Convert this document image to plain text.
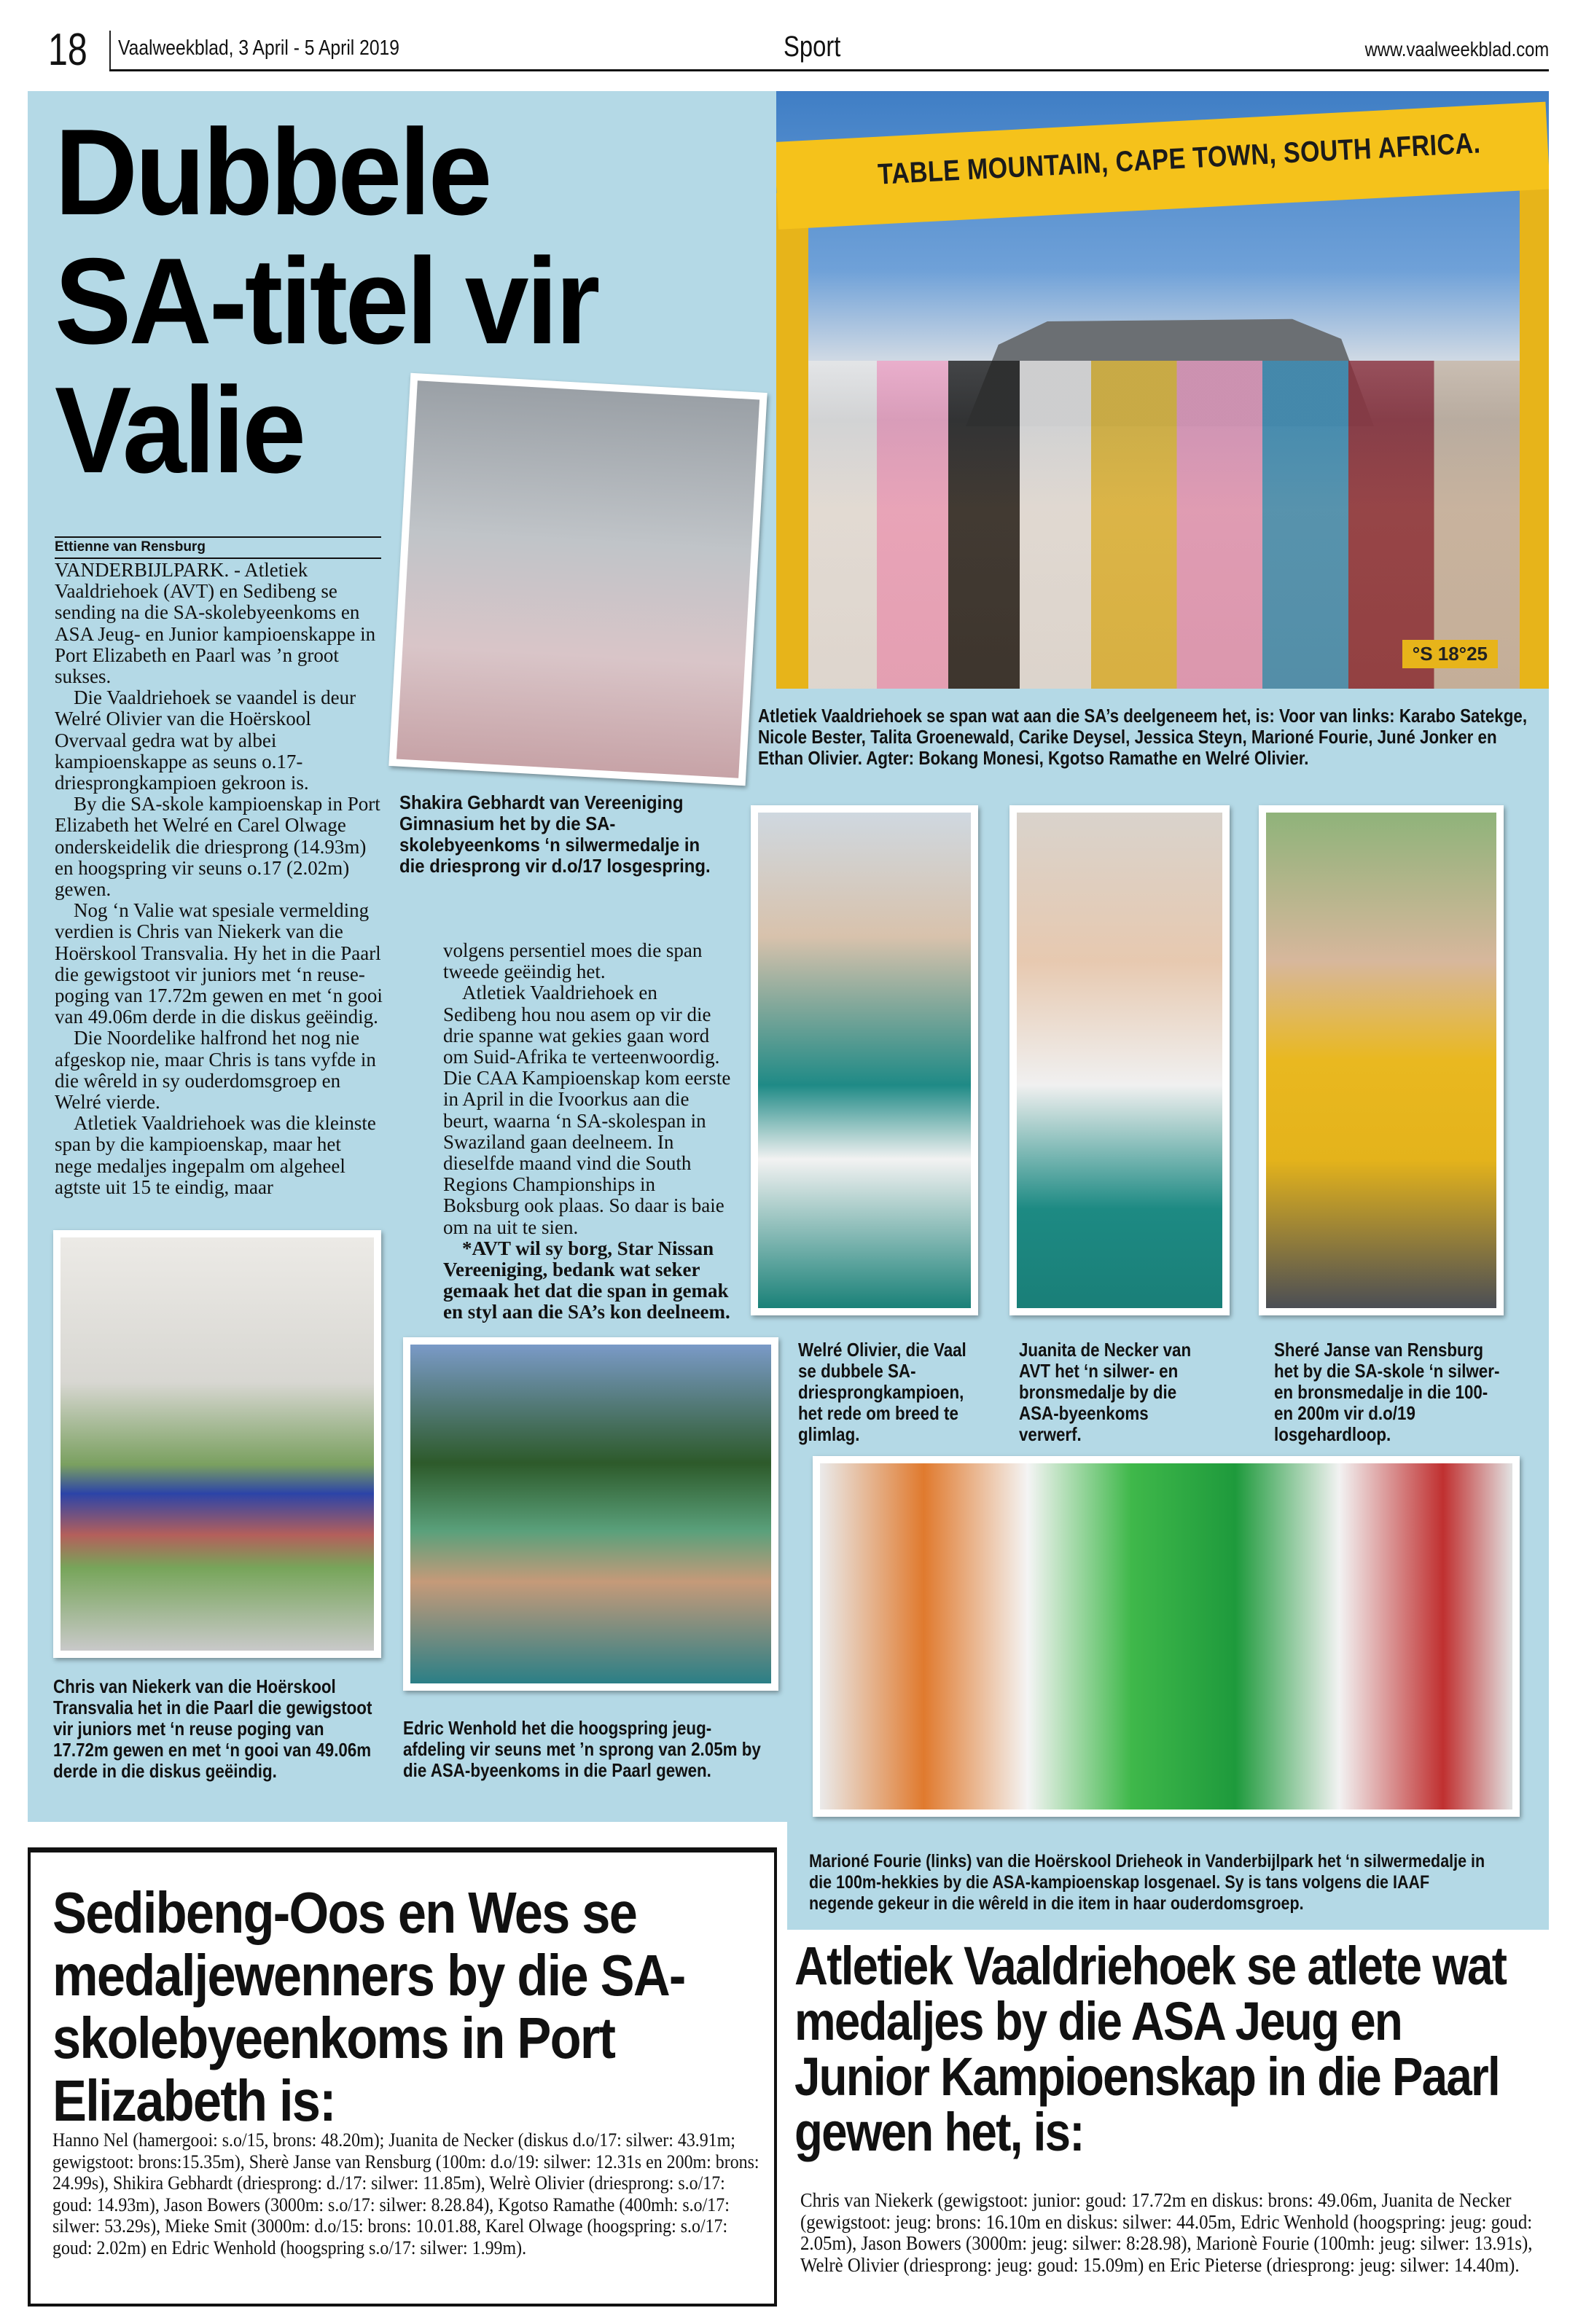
18 Vaalweekblad, 3 April - 5 April 2019	Sport	www.vaalweekblad.com
TABLE MOUNTAIN, CAPE TOWN, SOUTH AFRICA.
°S 18°25
Dubbele
SA-titel vir
Valie
Ettienne van Rensburg

VANDERBIJLPARK. - Atletiek Vaaldriehoek (AVT) en Sedibeng se sending na die SA-skolebyeenkoms en ASA Jeug- en Junior kampioenskappe in Port Elizabeth en Paarl was ’n groot sukses.

Die Vaaldriehoek se vaandel is deur Welré Olivier van die Hoërskool Overvaal gedra wat by albei kampioenskappe as seuns o.17-driesprongkampioen gekroon is.

By die SA-skole kampioenskap in Port Elizabeth het Welré en Carel Olwage onderskeidelik die driesprong (14.93m) en hoogspring vir seuns o.17 (2.02m) gewen.

Nog ‘n Valie wat spesiale vermelding verdien is Chris van Niekerk van die Hoërskool Transvalia. Hy het in die Paarl die gewigstoot vir juniors met ‘n reuse-poging van 17.72m gewen en met ‘n gooi van 49.06m derde in die diskus geëindig.

Die Noordelike halfrond het nog nie afgeskop nie, maar Chris is tans vyfde in die wêreld in sy ouderdomsgroep en Welré vierde.

Atletiek Vaaldriehoek was die kleinste span by die kampioenskap, maar het nege medaljes ingepalm om algeheel agtste uit 15 te eindig, maar

Shakira Gebhardt van Vereeniging Gimnasium het by die SA-skolebyeenkoms ‘n silwermedalje in die driesprong vir d.o/17 losgespring.

volgens persentiel moes die span tweede geëindig het.

Atletiek Vaaldriehoek en Sedibeng hou nou asem op vir die drie spanne wat gekies gaan word om Suid-Afrika te verteenwoordig. Die CAA Kampioenskap kom eerste in April in die Ivoorkus aan die beurt, waarna ‘n SA-skolespan in Swaziland gaan deelneem. In dieselfde maand vind die South Regions Championships in Boksburg ook plaas. So daar is baie om na uit te sien.

*AVT wil sy borg, Star Nissan Vereeniging, bedank wat seker gemaak het dat die span in gemak en styl aan die SA’s kon deelneem.

Atletiek Vaaldriehoek se span wat aan die SA’s deelgeneem het, is: Voor van links: Karabo Satekge, Nicole Bester, Talita Groenewald, Carike Deysel, Jessica Steyn, Marioné Fourie, Juné Jonker en Ethan Olivier. Agter: Bokang Monesi, Kgotso Ramathe en Welré Olivier.
Welré Olivier, die Vaal se dubbele SA-driesprongkampioen, het rede om breed te glimlag.
Juanita de Necker van AVT het ‘n silwer- en bronsmedalje by die ASA-byeenkoms verwerf.
Sheré Janse van Rensburg het by die SA-skole ‘n silwer- en bronsmedalje in die 100- en 200m vir d.o/19 losgehardloop.
Chris van Niekerk van die Hoërskool Transvalia het in die Paarl die gewigstoot vir juniors met ‘n reuse poging van 17.72m gewen en met ‘n gooi van 49.06m derde in die diskus geëindig.
Edric Wenhold het die hoogspring jeug-afdeling vir seuns met ’n sprong van 2.05m by die ASA-byeenkoms in die Paarl gewen.
Marioné Fourie (links) van die Hoërskool Drieheok in Vanderbijlpark het ‘n silwermedalje in die 100m-hekkies by die ASA-kampioenskap losgenael. Sy is tans volgens die IAAF negende gekeur in die wêreld in die item in haar ouderdomsgroep.
Sedibeng-Oos en Wes se medaljewenners by die SA-skolebyeenkoms in Port Elizabeth is:
Hanno Nel (hamergooi: s.o/15, brons: 48.20m); Juanita de Necker (diskus d.o/17: silwer: 43.91m; gewigstoot: brons:15.35m), Sherè Janse van Rensburg (100m: d.o/19: silwer: 12.31s en 200m: brons: 24.99s), Shikira Gebhardt (driesprong: d./17: silwer: 11.85m), Welrè Olivier (driesprong: s.o/17: goud: 14.93m), Jason Bowers (3000m: s.o/17: silwer: 8.28.84), Kgotso Ramathe (400mh: s.o/17: silwer: 53.29s), Mieke Smit (3000m: d.o/15: brons: 10.01.88, Karel Olwage (hoogspring: s.o/17: goud: 2.02m) en Edric Wenhold (hoogspring s.o/17: silwer: 1.99m).
Atletiek Vaaldriehoek se atlete wat medaljes by die ASA Jeug en Junior Kampioenskap in die Paarl gewen het, is:
Chris van Niekerk (gewigstoot: junior: goud: 17.72m en diskus: brons: 49.06m, Juanita de Necker (gewigstoot: jeug: brons: 16.10m en diskus: silwer: 44.05m, Edric Wenhold (hoogspring: jeug: goud: 2.05m), Jason Bowers (3000m: jeug: silwer: 8:28.98), Marionè Fourie (100mh: jeug: silwer: 13.91s), Welrè Olivier (driesprong: jeug: goud: 15.09m) en Eric Pieterse (driesprong: jeug: silwer: 14.40m).
